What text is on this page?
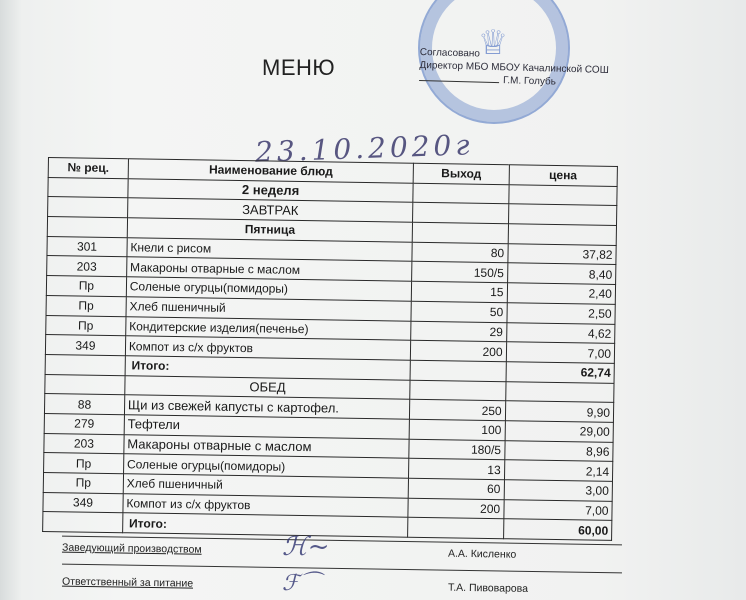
♕
МЕНЮ
Согласовано
Директор МБО МБОУ Качалинской СОШ
Г.М. Голубь
23.10.2020г
№ рец.	Наименование блюд	Выход	цена
	2 неделя		
	ЗАВТРАК		
	Пятница		
301	Кнели с рисом	80	37,82
203	Макароны отварные с маслом	150/5	8,40
Пр	Соленые огурцы(помидоры)	15	2,40
Пр	Хлеб пшеничный	50	2,50
Пр	Кондитерские изделия(печенье)	29	4,62
349	Компот из с/х фруктов	200	7,00
	Итого:		62,74
	ОБЕД		
88	Щи из свежей капусты с картофел.	250	9,90
279	Тефтели	100	29,00
203	Макароны отварные с маслом	180/5	8,96
Пр	Соленые огурцы(помидоры)	13	2,14
Пр	Хлеб пшеничный	60	3,00
349	Компот из с/х фруктов	200	7,00
	Итого:		60,00
Заведующий производством	А.А. Кисленко
ℋ~
Ответственный за питание	Т.А. Пивоварова
ℱ⌒
